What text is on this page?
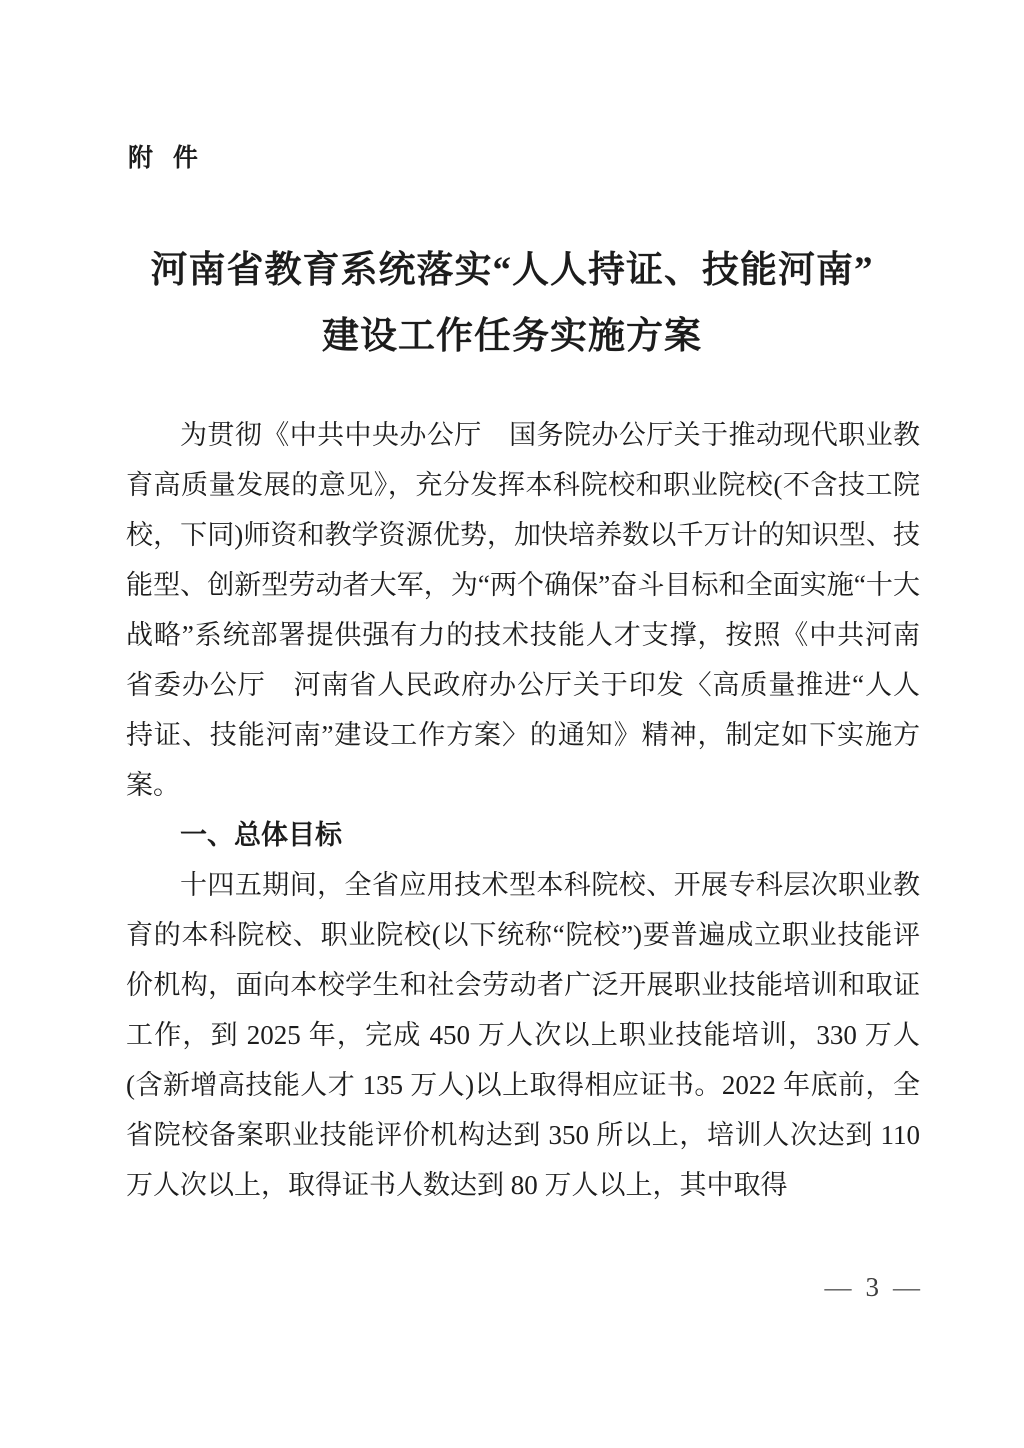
附  件
河南省教育系统落实“人人持证、技能河南”
建设工作任务实施方案

为贯彻《中共中央办公厅　国务院办公厅关于推动现代职业教育高质量发展的意见》，充分发挥本科院校和职业院校(不含技工院校，下同)师资和教学资源优势，加快培养数以千万计的知识型、技能型、创新型劳动者大军，为“两个确保”奋斗目标和全面实施“十大战略”系统部署提供强有力的技术技能人才支撑，按照《中共河南省委办公厅　河南省人民政府办公厅关于印发〈高质量推进“人人持证、技能河南”建设工作方案〉的通知》精神，制定如下实施方案。

一、总体目标

十四五期间，全省应用技术型本科院校、开展专科层次职业教育的本科院校、职业院校(以下统称“院校”)要普遍成立职业技能评价机构，面向本校学生和社会劳动者广泛开展职业技能培训和取证工作，到 2025 年，完成 450 万人次以上职业技能培训，330 万人(含新增高技能人才 135 万人)以上取得相应证书。2022 年底前，全省院校备案职业技能评价机构达到 350 所以上，培训人次达到 110 万人次以上，取得证书人数达到 80 万人以上，其中取得

— 3 —
